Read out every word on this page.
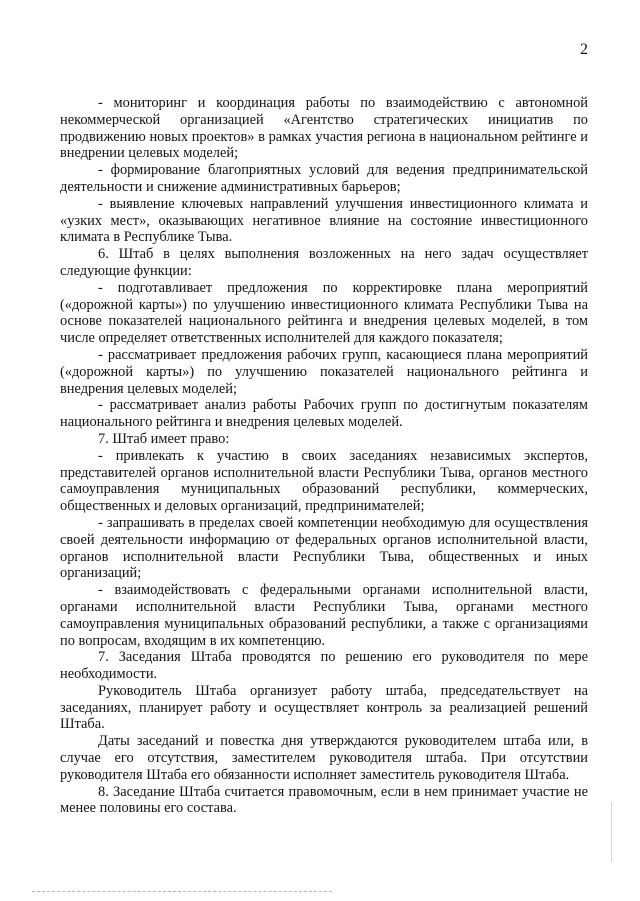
2

- мониторинг и координация работы по взаимодействию с автономной некоммерческой организацией «Агентство стратегических инициатив по продвижению новых проектов» в рамках участия региона в национальном рейтинге и внедрении целевых моделей;

- формирование благоприятных условий для ведения предпринимательской деятельности и снижение административных барьеров;

- выявление ключевых направлений улучшения инвестиционного климата и «узких мест», оказывающих негативное влияние на состояние инвестиционного климата в Республике Тыва.

6. Штаб в целях выполнения возложенных на него задач осуществляет следующие функции:

- подготавливает предложения по корректировке плана мероприятий («дорожной карты») по улучшению инвестиционного климата Республики Тыва на основе показателей национального рейтинга и внедрения целевых моделей, в том числе определяет ответственных исполнителей для каждого показателя;

- рассматривает предложения рабочих групп, касающиеся плана мероприятий («дорожной карты») по улучшению показателей национального рейтинга и внедрения целевых моделей;

- рассматривает анализ работы Рабочих групп по достигнутым показателям национального рейтинга и внедрения целевых моделей.

7. Штаб имеет право:

- привлекать к участию в своих заседаниях независимых экспертов, представителей органов исполнительной власти Республики Тыва, органов местного самоуправления муниципальных образований республики, коммерческих, общественных и деловых организаций, предпринимателей;

- запрашивать в пределах своей компетенции необходимую для осуществления своей деятельности информацию от федеральных органов исполнительной власти, органов исполнительной власти Республики Тыва, общественных и иных организаций;

- взаимодействовать с федеральными органами исполнительной власти, органами исполнительной власти Республики Тыва, органами местного самоуправления муниципальных образований республики, а также с организациями по вопросам, входящим в их компетенцию.

7. Заседания Штаба проводятся по решению его руководителя по мере необходимости.

Руководитель Штаба организует работу штаба, председательствует на заседаниях, планирует работу и осуществляет контроль за реализацией решений Штаба.

Даты заседаний и повестка дня утверждаются руководителем штаба или, в случае его отсутствия, заместителем руководителя штаба. При отсутствии руководителя Штаба его обязанности исполняет заместитель руководителя Штаба.

8. Заседание Штаба считается правомочным, если в нем принимает участие не менее половины его состава.
